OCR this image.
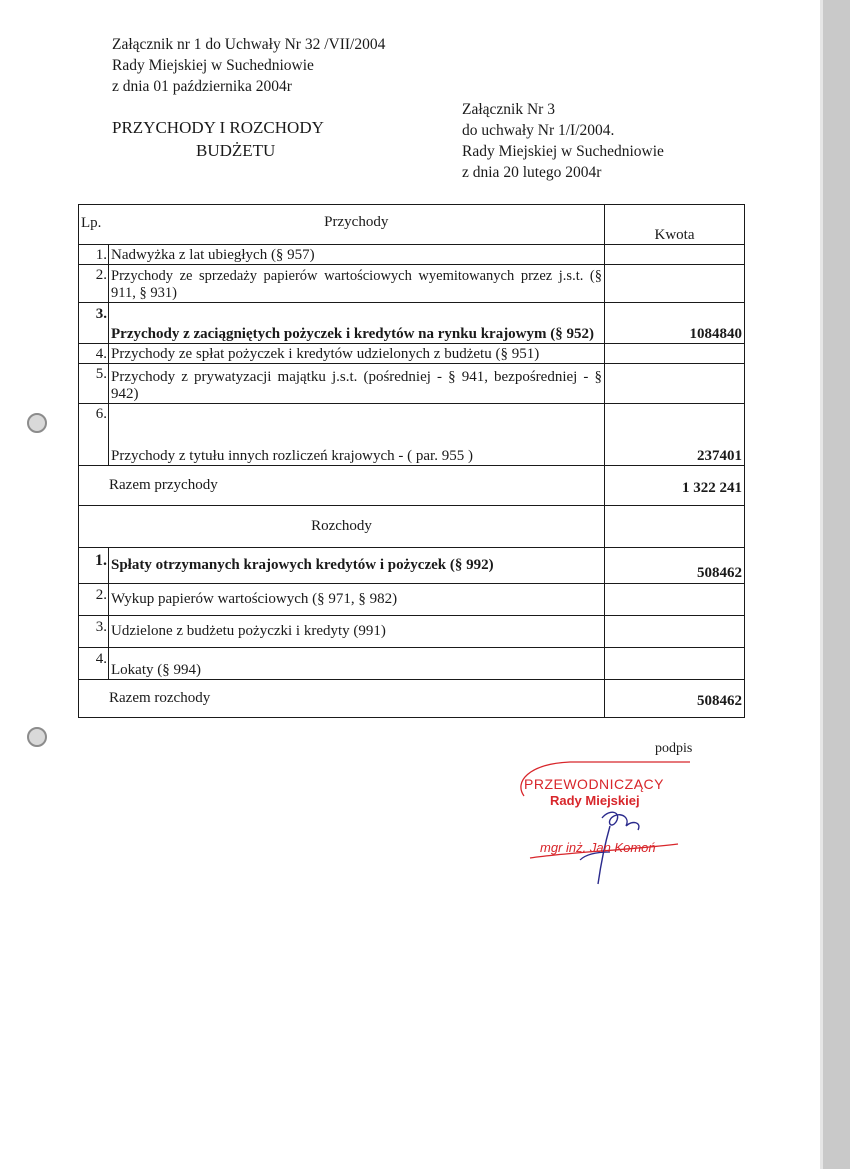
Załącznik nr 1 do Uchwały Nr 32 /VII/2004
Rady Miejskiej w Suchedniowie
z dnia 01 października 2004r
Załącznik Nr 3
do uchwały Nr 1/I/2004.
Rady Miejskiej w Suchedniowie
z dnia 20 lutego 2004r
PRZYCHODY I ROZCHODY
BUDŻETU
Lp.	Przychody	Kwota
1.	Nadwyżka z lat ubiegłych (§ 957)	
2.	Przychody ze sprzedaży papierów wartościowych wyemitowanych przez j.s.t. (§ 911, § 931)	
3.	Przychody z zaciągniętych pożyczek i kredytów na rynku krajowym (§ 952)	1084840
4.	Przychody ze spłat pożyczek i kredytów udzielonych z budżetu (§ 951)	
5.	Przychody z prywatyzacji majątku j.s.t. (pośredniej - § 941, bezpośredniej - § 942)	
6.	Przychody z tytułu innych rozliczeń krajowych - ( par. 955 )	237401
Razem przychody		1 322 241
Rozchody		
1.	Spłaty otrzymanych krajowych kredytów i pożyczek (§ 992)	508462
2.	Wykup papierów wartościowych (§ 971, § 982)	
3.	Udzielone z budżetu pożyczki i kredyty (991)	
4.	Lokaty (§ 994)	
Razem rozchody		508462
podpis
PRZEWODNICZĄCY
Rady Miejskiej
mgr inż. Jan Komoń
